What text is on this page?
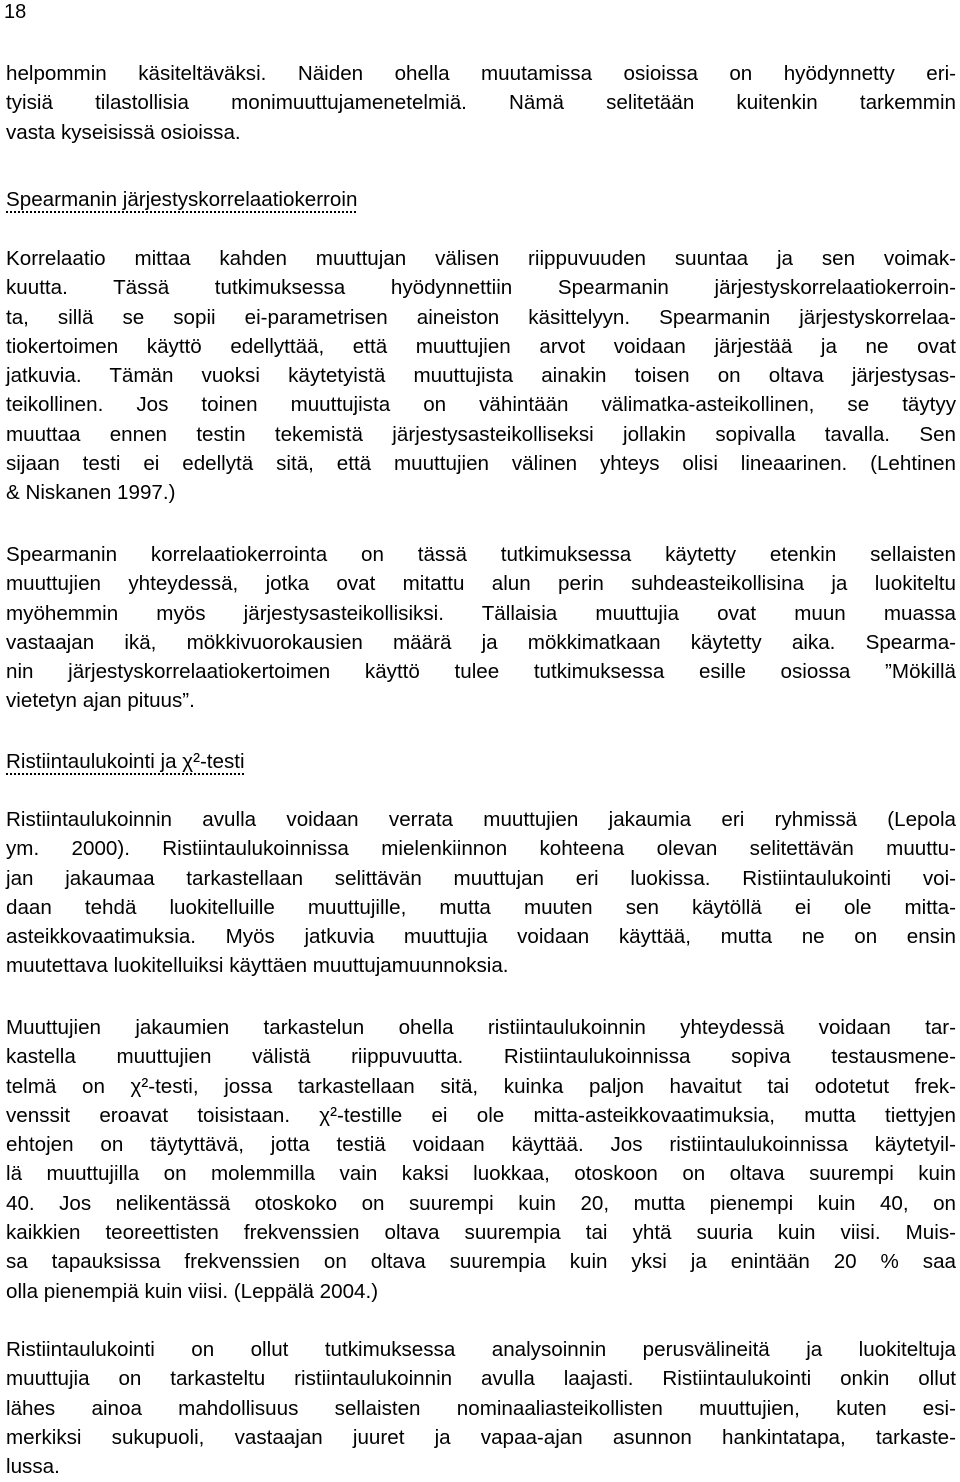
18
helpommin käsiteltäväksi. Näiden ohella muutamissa osioissa on hyödynnetty eri-
tyisiä tilastollisia monimuuttujamenetelmiä. Nämä selitetään kuitenkin tarkemmin
vasta kyseisissä osioissa.
Spearmanin järjestyskorrelaatiokerroin
Korrelaatio mittaa kahden muuttujan välisen riippuvuuden suuntaa ja sen voimak-
kuutta. Tässä tutkimuksessa hyödynnettiin Spearmanin järjestyskorrelaatiokerroin-
ta, sillä se sopii ei-parametrisen aineiston käsittelyyn. Spearmanin järjestyskorrelaa-
tiokertoimen käyttö edellyttää, että muuttujien arvot voidaan järjestää ja ne ovat
jatkuvia. Tämän vuoksi käytetyistä muuttujista ainakin toisen on oltava järjestysas-
teikollinen. Jos toinen muuttujista on vähintään välimatka-asteikollinen, se täytyy
muuttaa ennen testin tekemistä järjestysasteikolliseksi jollakin sopivalla tavalla. Sen
sijaan testi ei edellytä sitä, että muuttujien välinen yhteys olisi lineaarinen. (Lehtinen
& Niskanen 1997.)
Spearmanin korrelaatiokerrointa on tässä tutkimuksessa käytetty etenkin sellaisten
muuttujien yhteydessä, jotka ovat mitattu alun perin suhdeasteikollisina ja luokiteltu
myöhemmin myös järjestysasteikollisiksi. Tällaisia muuttujia ovat muun muassa
vastaajan ikä, mökkivuorokausien määrä ja mökkimatkaan käytetty aika. Spearma-
nin järjestyskorrelaatiokertoimen käyttö tulee tutkimuksessa esille osiossa ”Mökillä
vietetyn ajan pituus”.
Ristiintaulukointi ja χ²-testi
Ristiintaulukoinnin avulla voidaan verrata muuttujien jakaumia eri ryhmissä (Lepola
ym. 2000). Ristiintaulukoinnissa mielenkiinnon kohteena olevan selitettävän muuttu-
jan jakaumaa tarkastellaan selittävän muuttujan eri luokissa. Ristiintaulukointi voi-
daan tehdä luokitelluille muuttujille, mutta muuten sen käytöllä ei ole mitta-
asteikkovaatimuksia. Myös jatkuvia muuttujia voidaan käyttää, mutta ne on ensin
muutettava luokitelluiksi käyttäen muuttujamuunnoksia.
Muuttujien jakaumien tarkastelun ohella ristiintaulukoinnin yhteydessä voidaan tar-
kastella muuttujien välistä riippuvuutta. Ristiintaulukoinnissa sopiva testausmene-
telmä on χ²-testi, jossa tarkastellaan sitä, kuinka paljon havaitut tai odotetut frek-
venssit eroavat toisistaan. χ²-testille ei ole mitta-asteikkovaatimuksia, mutta tiettyjen
ehtojen on täytyttävä, jotta testiä voidaan käyttää. Jos ristiintaulukoinnissa käytetyil-
lä muuttujilla on molemmilla vain kaksi luokkaa, otoskoon on oltava suurempi kuin
40. Jos nelikentässä otoskoko on suurempi kuin 20, mutta pienempi kuin 40, on
kaikkien teoreettisten frekvenssien oltava suurempia tai yhtä suuria kuin viisi. Muis-
sa tapauksissa frekvenssien on oltava suurempia kuin yksi ja enintään 20 % saa
olla pienempiä kuin viisi. (Leppälä 2004.)
Ristiintaulukointi on ollut tutkimuksessa analysoinnin perusvälineitä ja luokiteltuja
muuttujia on tarkasteltu ristiintaulukoinnin avulla laajasti. Ristiintaulukointi onkin ollut
lähes ainoa mahdollisuus sellaisten nominaaliasteikollisten muuttujien, kuten esi-
merkiksi sukupuoli, vastaajan juuret ja vapaa-ajan asunnon hankintatapa, tarkaste-
lussa.
